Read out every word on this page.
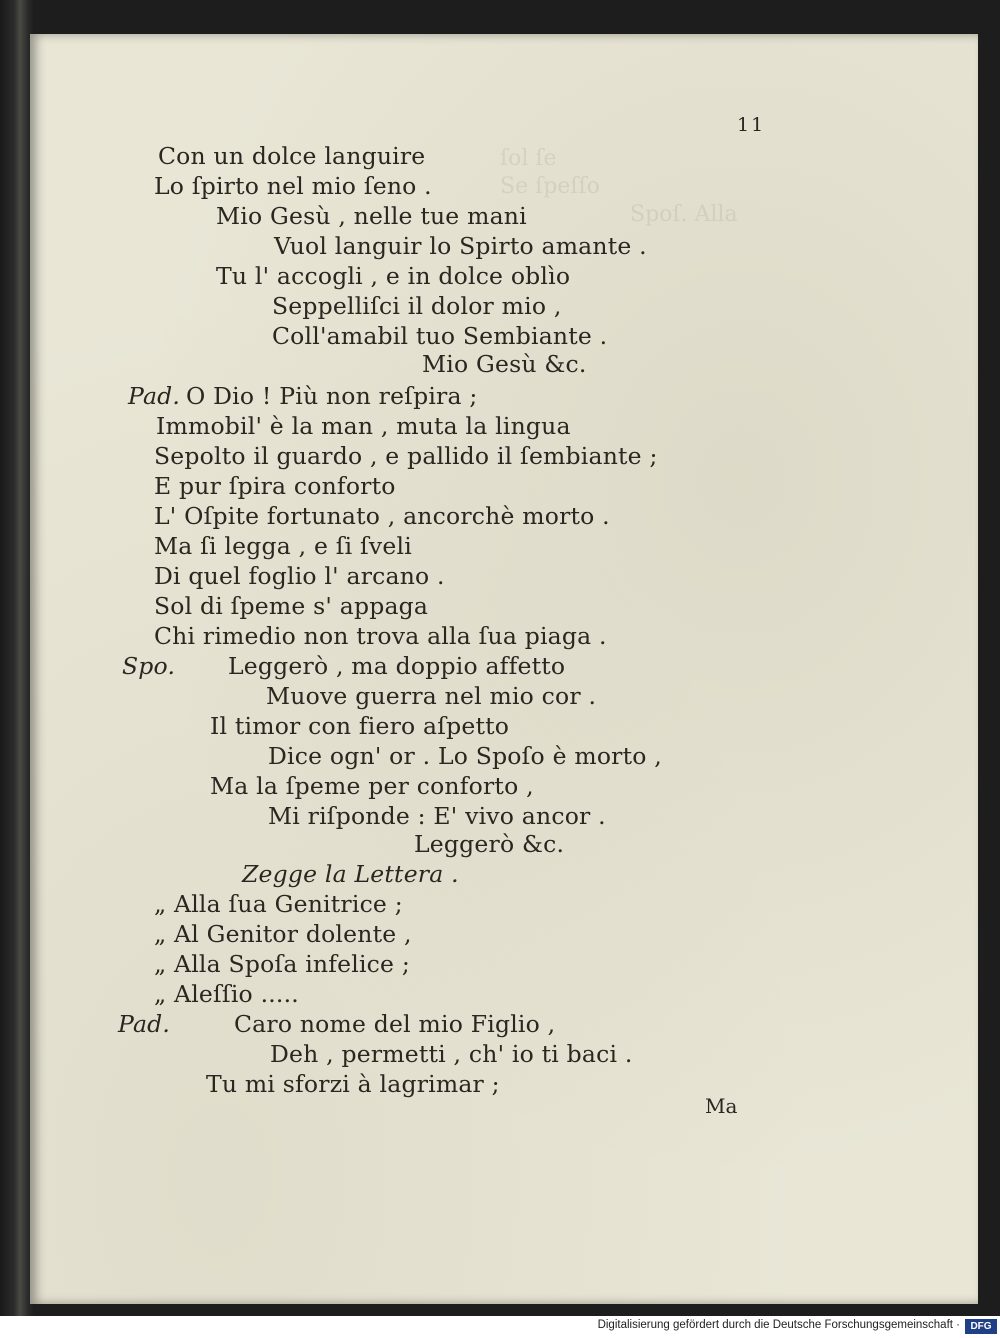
ſol ſe
Se ſpeſſo
Spoſ. Alla
11
Con un dolce languire
Lo ſpirto nel mio ſeno .
Mio Gesù , nelle tue mani
Vuol languir lo Spirto amante .
Tu l' accogli , e in dolce oblìo
Seppelliſci il dolor mio ,
Coll'amabil tuo Sembiante .
Mio Gesù &c.
Pad. O Dio ! Più non reſpira ;
Immobil' è la man , muta la lingua
Sepolto il guardo , e pallido il ſembiante ;
E pur ſpira conforto
L' Oſpite fortunato , ancorchè morto .
Ma ſi legga , e ſi ſveli
Di quel foglio l' arcano .
Sol di ſpeme s' appaga
Chi rimedio non trova alla ſua piaga .
Spo. Leggerò , ma doppio affetto
Muove guerra nel mio cor .
Il timor con fiero aſpetto
Dice ogn' or . Lo Spoſo è morto ,
Ma la ſpeme per conforto ,
Mi riſponde : E' vivo ancor .
Leggerò &c.
Zegge la Lettera .
„ Alla ſua Genitrice ;
„ Al Genitor dolente ,
„ Alla Spoſa infelice ;
„ Aleſſio .....
Pad.	Caro nome del mio Figlio ,
Deh , permetti , ch' io ti baci .
Tu mi sforzi à lagrimar ;
Ma
Digitalisierung gefördert durch die Deutsche Forschungsgemeinschaft ·	DFG
